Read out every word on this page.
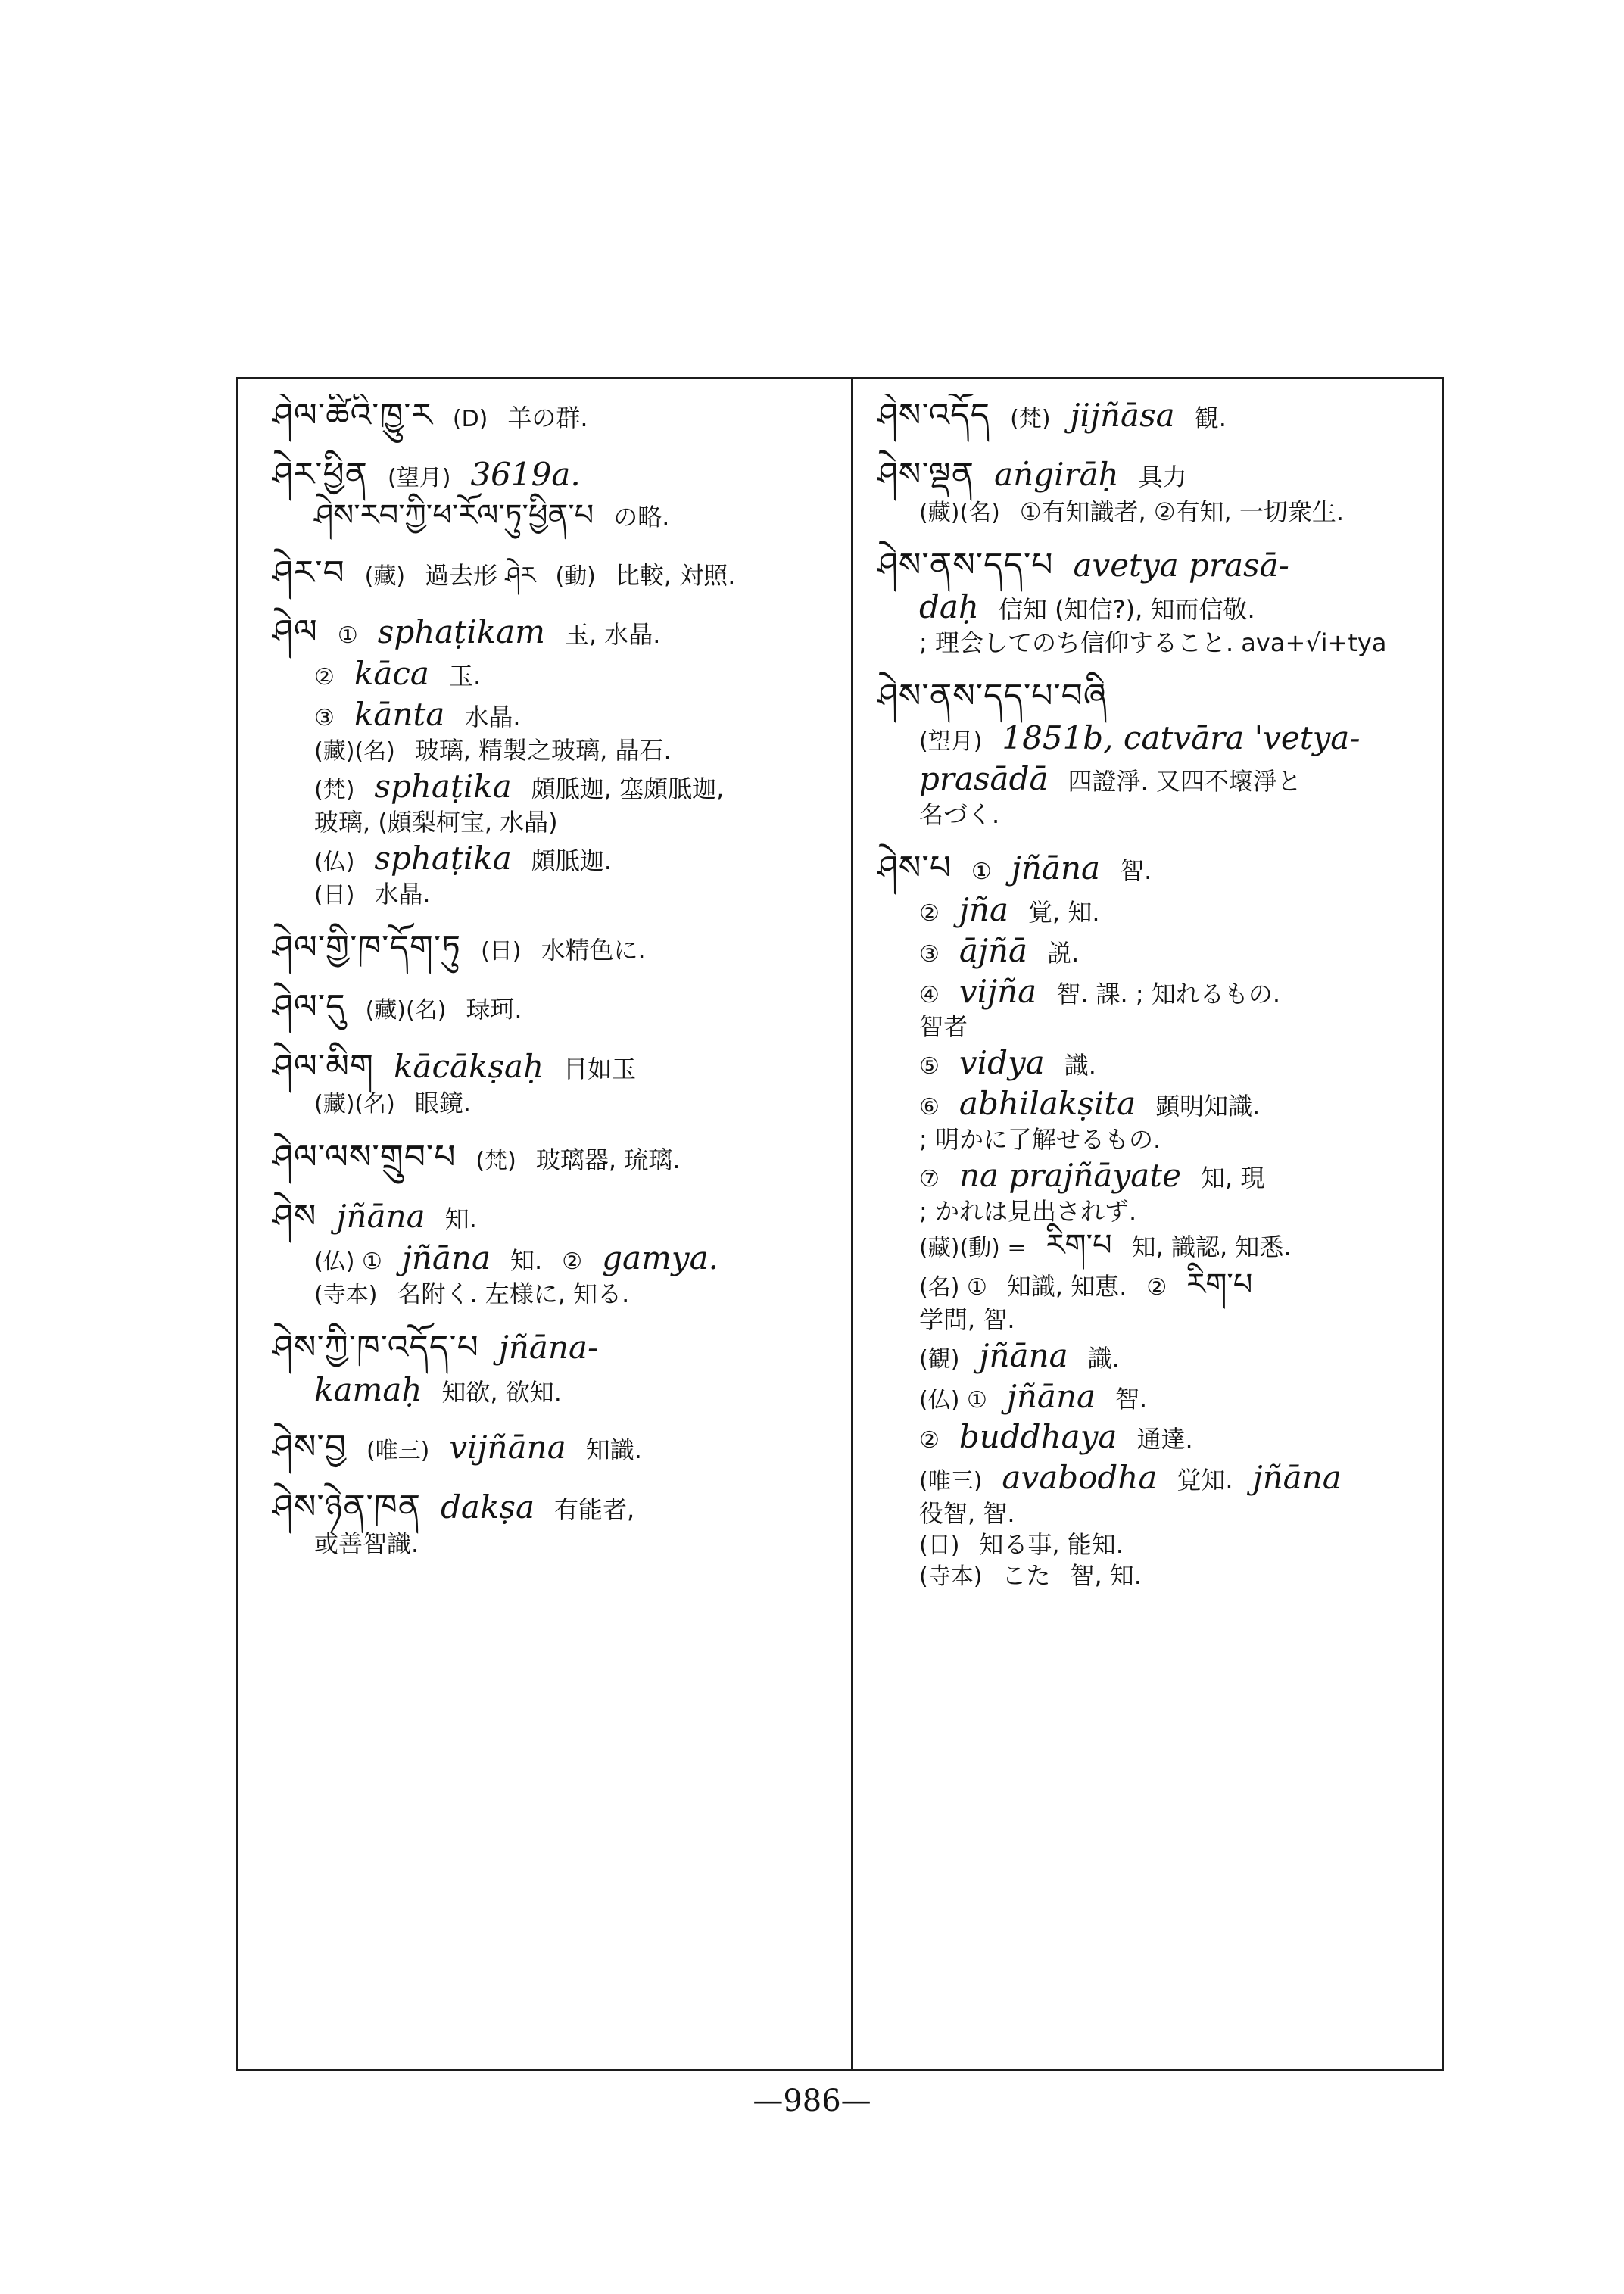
ཤེལ་ཚིའི་ཁྱུ་ར (D) 羊の群.
ཤེར་ཕྱིན (望月) 3619a.
ཤེས་རབ་ཀྱི་ཕ་རོལ་ཏུ་ཕྱིན་པ の略.
ཤེར་བ (藏) 過去形 ཤེར (動) 比較, 対照.
ཤེལ ① sphaṭikam 玉, 水晶.
② kāca 玉.
③ kānta 水晶.
(藏)(名) 玻璃, 精製之玻璃, 晶石.
(梵) sphaṭika 頗胝迦, 塞頗胝迦,
玻璃, (頗梨柯宝, 水晶)
(仏) sphaṭika 頗胝迦.
(日) 水晶.
ཤེལ་གྱི་ཁ་དོག་ཏུ (日) 水精色に.
ཤེལ་དུ (藏)(名) 琭珂.
ཤེལ་མིག kācākṣaḥ 目如玉
(藏)(名) 眼鏡.
ཤེལ་ལས་གྲུབ་པ (梵) 玻璃器, 琉璃.
ཤེས jñāna 知.
(仏) ① jñāna 知. ② gamya.
(寺本) 名附く. 左様に, 知る.
ཤེས་ཀྱི་ཁ་འདོད་པ jñāna-
kamaḥ 知欲, 欲知.
ཤེས་བྱ (唯三) vijñāna 知識.
ཤེས་ཉེན་ཁན dakṣa 有能者,
或善智識.
ཤེས་འདོད (梵) jijñāsa 観.
ཤེས་ལྡན aṅgirāḥ 具力
(藏)(名) ①有知識者, ②有知, 一切衆生.
ཤེས་ནས་དད་པ avetya prasā-
daḥ 信知 (知信?), 知而信敬.
; 理会してのち信仰すること. ava+√i+tya
ཤེས་ནས་དད་པ་བཞི
(望月) 1851b, catvāra 'vetya-
prasādā 四證淨. 又四不壞淨と
名づく.
ཤེས་པ ① jñāna 智.
② jña 覚, 知.
③ ājñā 説.
④ vijña 智. 課. ; 知れるもの.
智者
⑤ vidya 識.
⑥ abhilakṣita 顕明知識.
; 明かに了解せるもの.
⑦ na prajñāyate 知, 現
; かれは見出されず.
(藏)(動) = རིག་པ 知, 識認, 知悉.
(名) ① 知識, 知恵. ② རིག་པ
学問, 智.
(観) jñāna 識.
(仏) ① jñāna 智.
② buddhaya 通達.
(唯三) avabodha 覚知. jñāna
役智, 智.
(日) 知る事, 能知.
(寺本) こた 智, 知.
—986—
